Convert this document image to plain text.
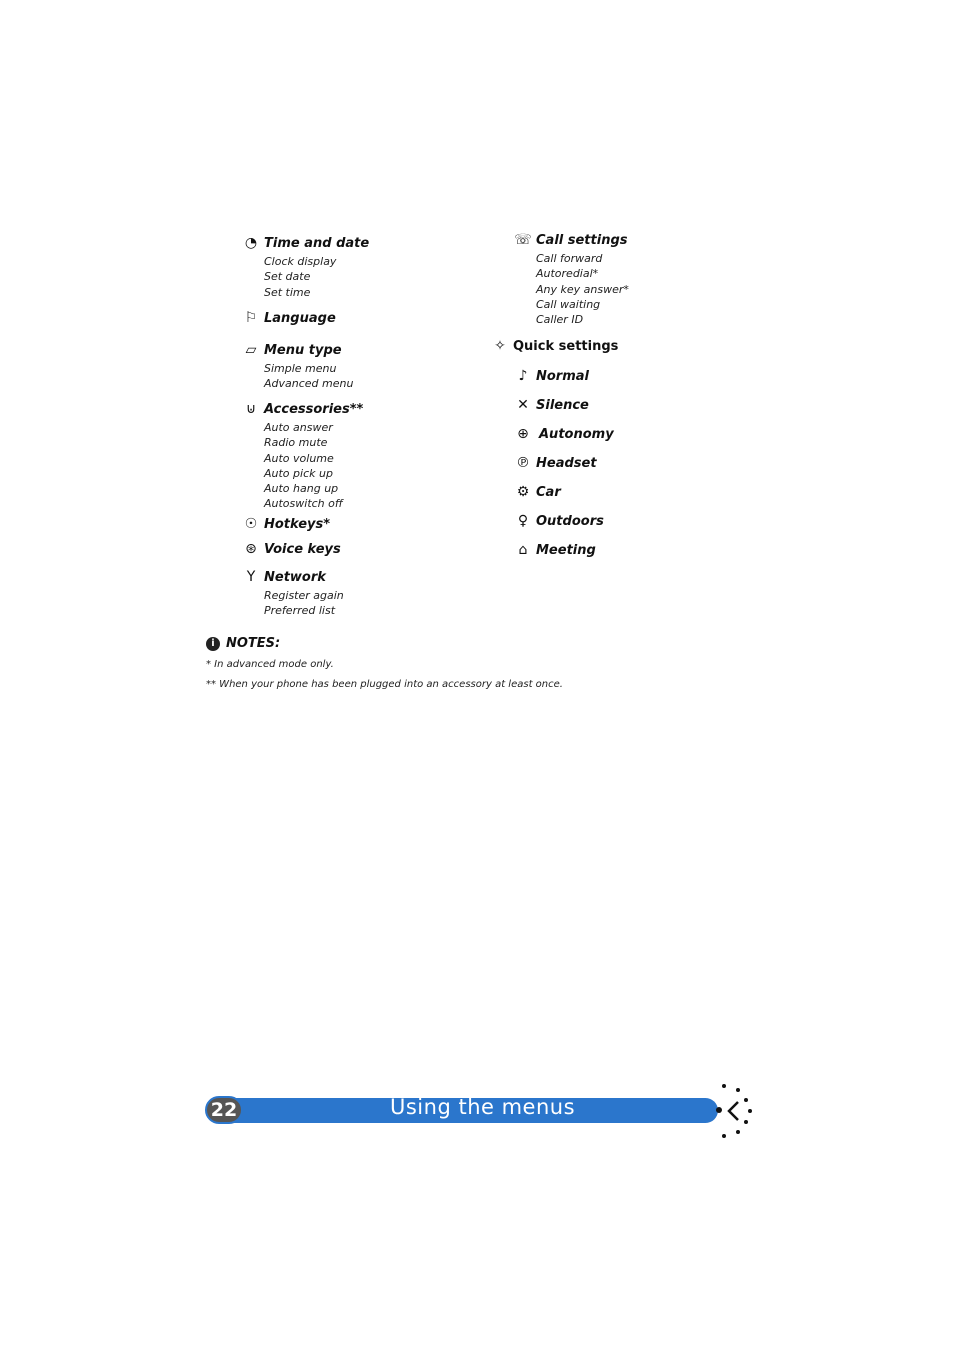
◔ Time and date
Clock display
Set date
Set time
⚐ Language
▱ Menu type
Simple menu
Advanced menu
⊍ Accessories**
Auto answer
Radio mute
Auto volume
Auto pick up
Auto hang up
Autoswitch off
☉ Hotkeys*
⊛ Voice keys
Y Network
Register again
Preferred list
☏ Call settings
Call forward
Autoredial*
Any key answer*
Call waiting
Caller ID
✧ Quick settings
♪ Normal
✕ Silence
⊕ Autonomy
℗ Headset
⚙ Car
♀ Outdoors
⌂ Meeting
i NOTES:
* In advanced mode only.
** When your phone has been plugged into an accessory at least once.
22	Using the menus
